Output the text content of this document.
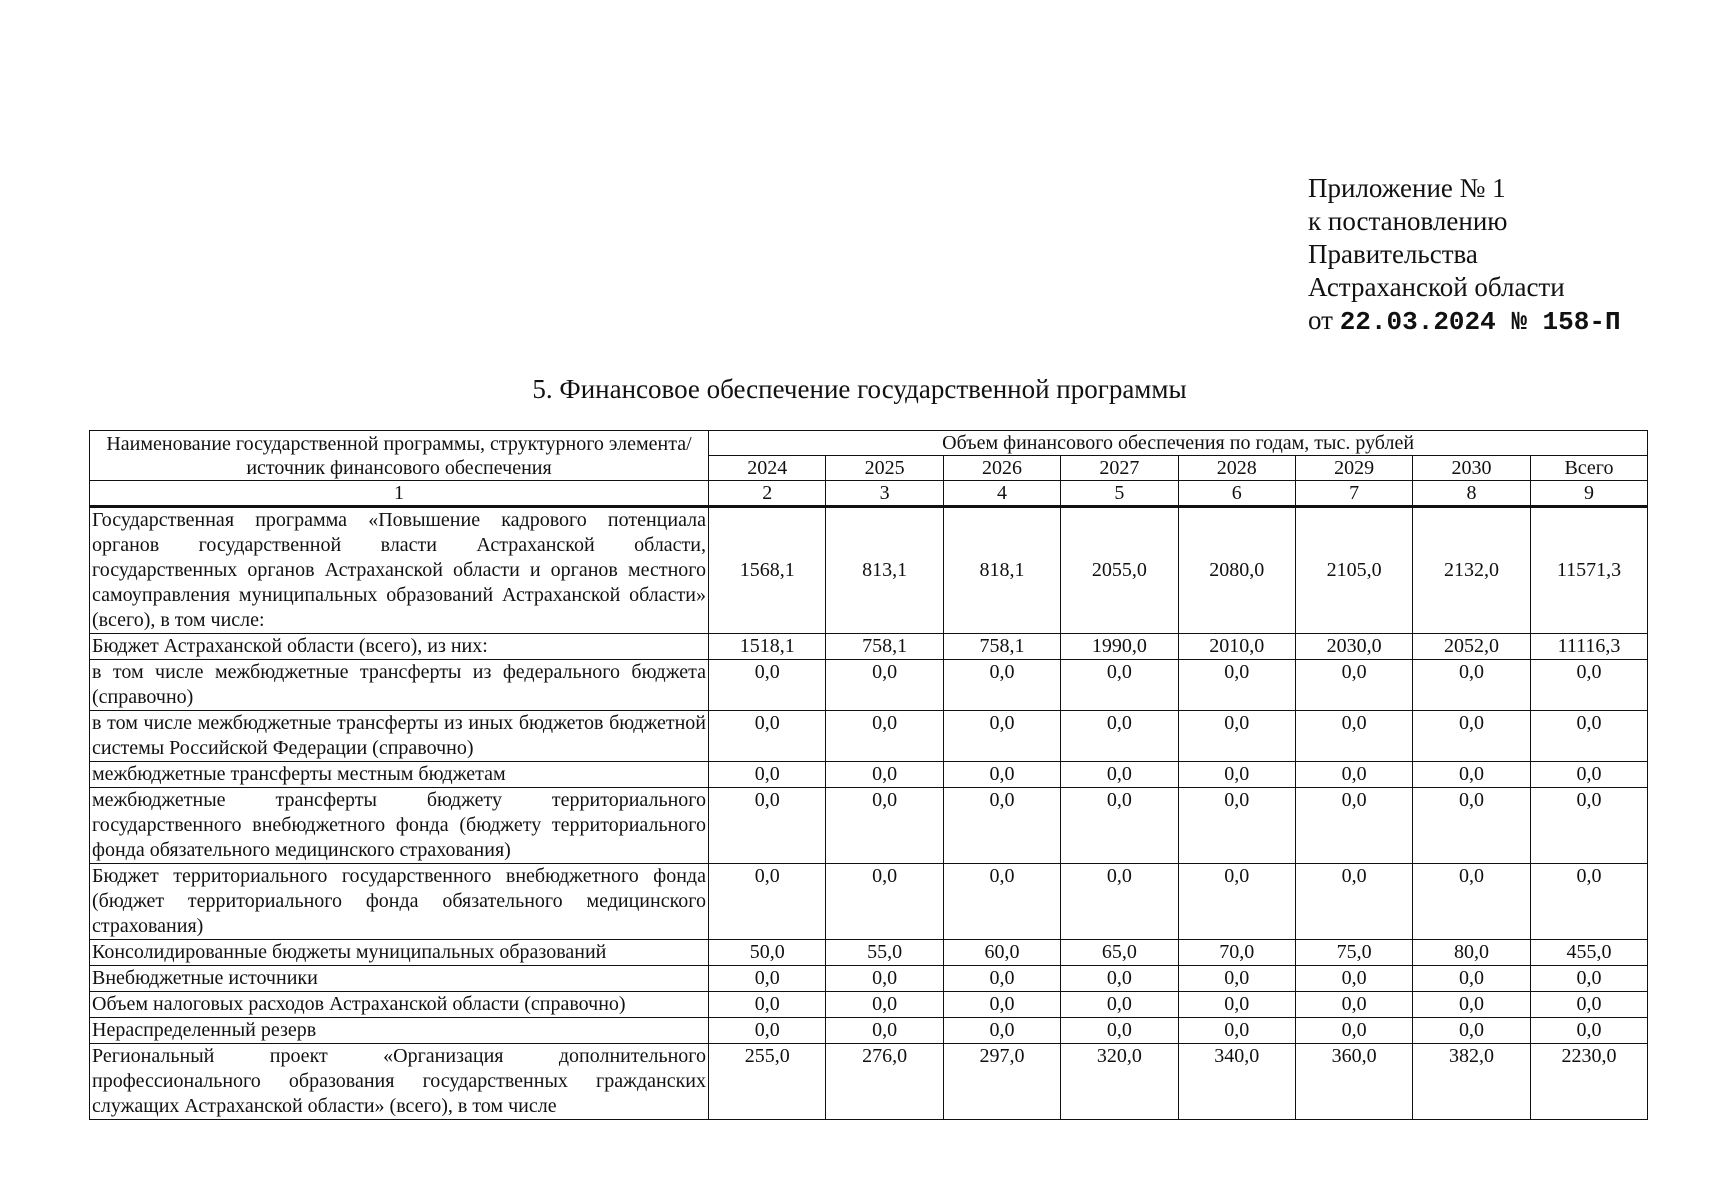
Приложение № 1
к постановлению
Правительства
Астраханской области
от 22.03.2024 № 158-П
5. Финансовое обеспечение государственной программы
Наименование государственной программы, структурного элемента/источник финансового обеспечения	Объем финансового обеспечения по годам, тыс. рублей							
	2024	2025	2026	2027	2028	2029	2030	Всего
1	2	3	4	5	6	7	8	9
Государственная программа «Повышение кадрового потенциала органов государственной власти Астраханской области, государственных органов Астраханской области и органов местного самоуправления муниципальных образований Астраханской области» (всего), в том числе:	1568,1	813,1	818,1	2055,0	2080,0	2105,0	2132,0	11571,3
Бюджет Астраханской области (всего), из них:	1518,1	758,1	758,1	1990,0	2010,0	2030,0	2052,0	11116,3
в том числе межбюджетные трансферты из федерального бюджета (справочно)	0,0	0,0	0,0	0,0	0,0	0,0	0,0	0,0
в том числе межбюджетные трансферты из иных бюджетов бюджетной системы Российской Федерации (справочно)	0,0	0,0	0,0	0,0	0,0	0,0	0,0	0,0
межбюджетные трансферты местным бюджетам	0,0	0,0	0,0	0,0	0,0	0,0	0,0	0,0
межбюджетные трансферты бюджету территориального государственного внебюджетного фонда (бюджету территориального фонда обязательного медицинского страхования)	0,0	0,0	0,0	0,0	0,0	0,0	0,0	0,0
Бюджет территориального государственного внебюджетного фонда (бюджет территориального фонда обязательного медицинского страхования)	0,0	0,0	0,0	0,0	0,0	0,0	0,0	0,0
Консолидированные бюджеты муниципальных образований	50,0	55,0	60,0	65,0	70,0	75,0	80,0	455,0
Внебюджетные источники	0,0	0,0	0,0	0,0	0,0	0,0	0,0	0,0
Объем налоговых расходов Астраханской области (справочно)	0,0	0,0	0,0	0,0	0,0	0,0	0,0	0,0
Нераспределенный резерв	0,0	0,0	0,0	0,0	0,0	0,0	0,0	0,0
Региональный проект «Организация дополнительного профессионального образования государственных гражданских служащих Астраханской области» (всего), в том числе	255,0	276,0	297,0	320,0	340,0	360,0	382,0	2230,0
